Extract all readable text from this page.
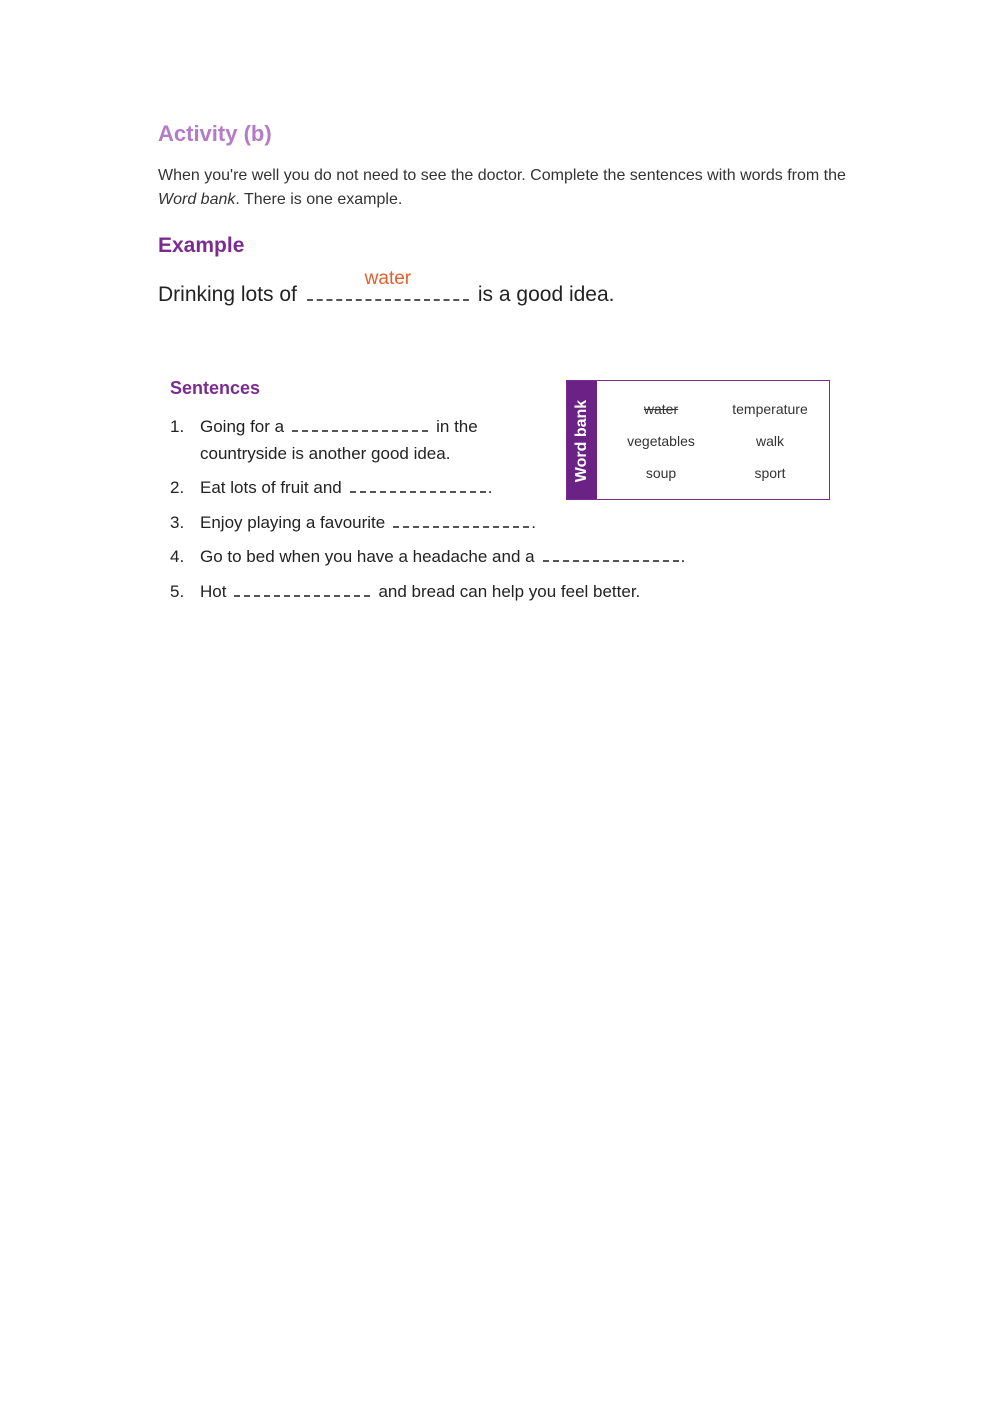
Activity (b)
When you're well you do not need to see the doctor. Complete the sentences with words from the Word bank. There is one example.
Example
Drinking lots of
water
is a good idea.
Sentences
1. Going for a	in the
countryside is another good idea.
2. Eat lots of fruit and	.
3. Enjoy playing a favourite	.
4. Go to bed when you have a headache and a	.
5. Hot	and bread can help you feel better.
Word bank	water	temperature
vegetables	walk
soup	sport
